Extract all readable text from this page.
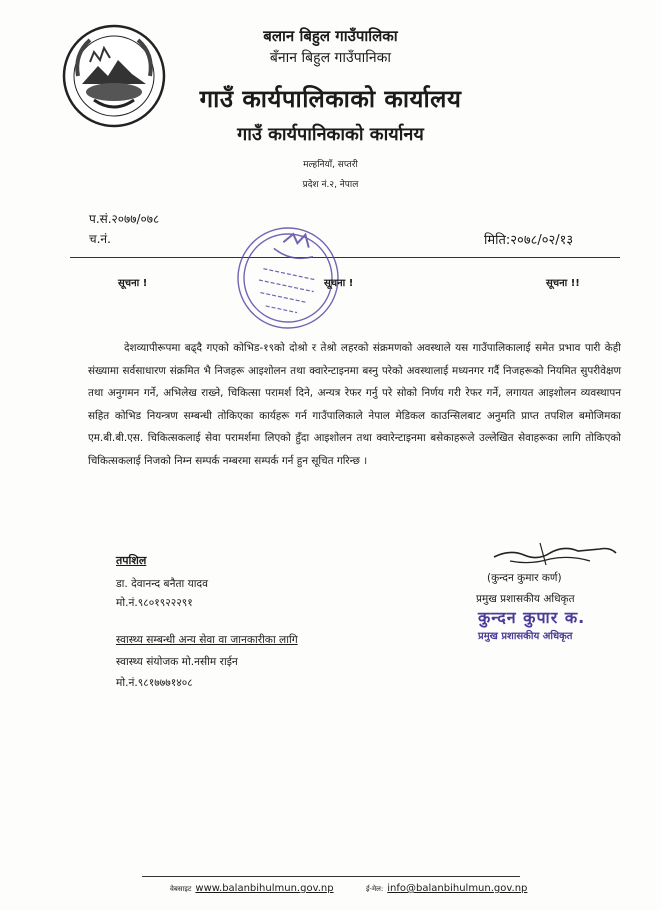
बलान बिहुल गाउँपालिका
बँनान बिहुल गाउँपानिका
गाउँ कार्यपालिकाको कार्यालय
गाउँ कार्यपानिकाको कार्यानय
मल्हनियाँ, सप्तरी
प्रदेश नं.२, नेपाल
प.सं.२०७७/०७८
च.नं.	मिति:२०७८/०२/१३
सूचना !	सूचना !	सूचना !!

देशव्यापीरूपमा बढ्दै गएको कोभिड-१९को दोश्रो र तेश्रो लहरको संक्रमणको अवस्थाले यस गाउँपालिकालाई समेत प्रभाव पारी केही संख्यामा सर्वसाधारण संक्रमित भै निजहरू आइशोलन तथा क्वारेन्टाइनमा बस्नु परेको अवस्थालाई मध्यनगर गर्दै निजहरूको नियमित सुपरीवेक्षण तथा अनुगमन गर्ने, अभिलेख राख्ने, चिकित्सा परामर्श दिने, अन्यत्र रेफर गर्नु परे सोको निर्णय गरी रेफर गर्ने, लगायत आइशोलन व्यवस्थापन सहित कोभिड नियन्त्रण सम्बन्धी तोकिएका कार्यहरू गर्न गाउँपालिकाले नेपाल मेडिकल काउन्सिलबाट अनुमति प्राप्त तपशिल बमोजिमका एम.बी.बी.एस. चिकित्सकलाई सेवा परामर्शमा लिएको हुँदा आइशोलन तथा क्वारेन्टाइनमा बसेकाहरूले उल्लेखित सेवाहरूका लागि तोकिएको चिकित्सकलाई निजको निम्न सम्पर्क नम्बरमा सम्पर्क गर्न हुन सूचित गरिन्छ ।

तपशिल
डा. देवानन्द बनैता यादव
मो.नं.९८०१९२२२९१
स्वास्थ्य सम्बन्धी अन्य सेवा वा जानकारीका लागि
स्वास्थ्य संयोजक मो.नसीम राईन
मो.नं.९८१७७७१४०८
(कुन्दन कुमार कर्ण)
प्रमुख प्रशासकीय अधिकृत
कुन्दन कुपार क.
प्रमुख प्रशासकीय अधिकृत
वेबसाइट www.balanbihulmun.gov.np	ई-मेल: info@balanbihulmun.gov.np
